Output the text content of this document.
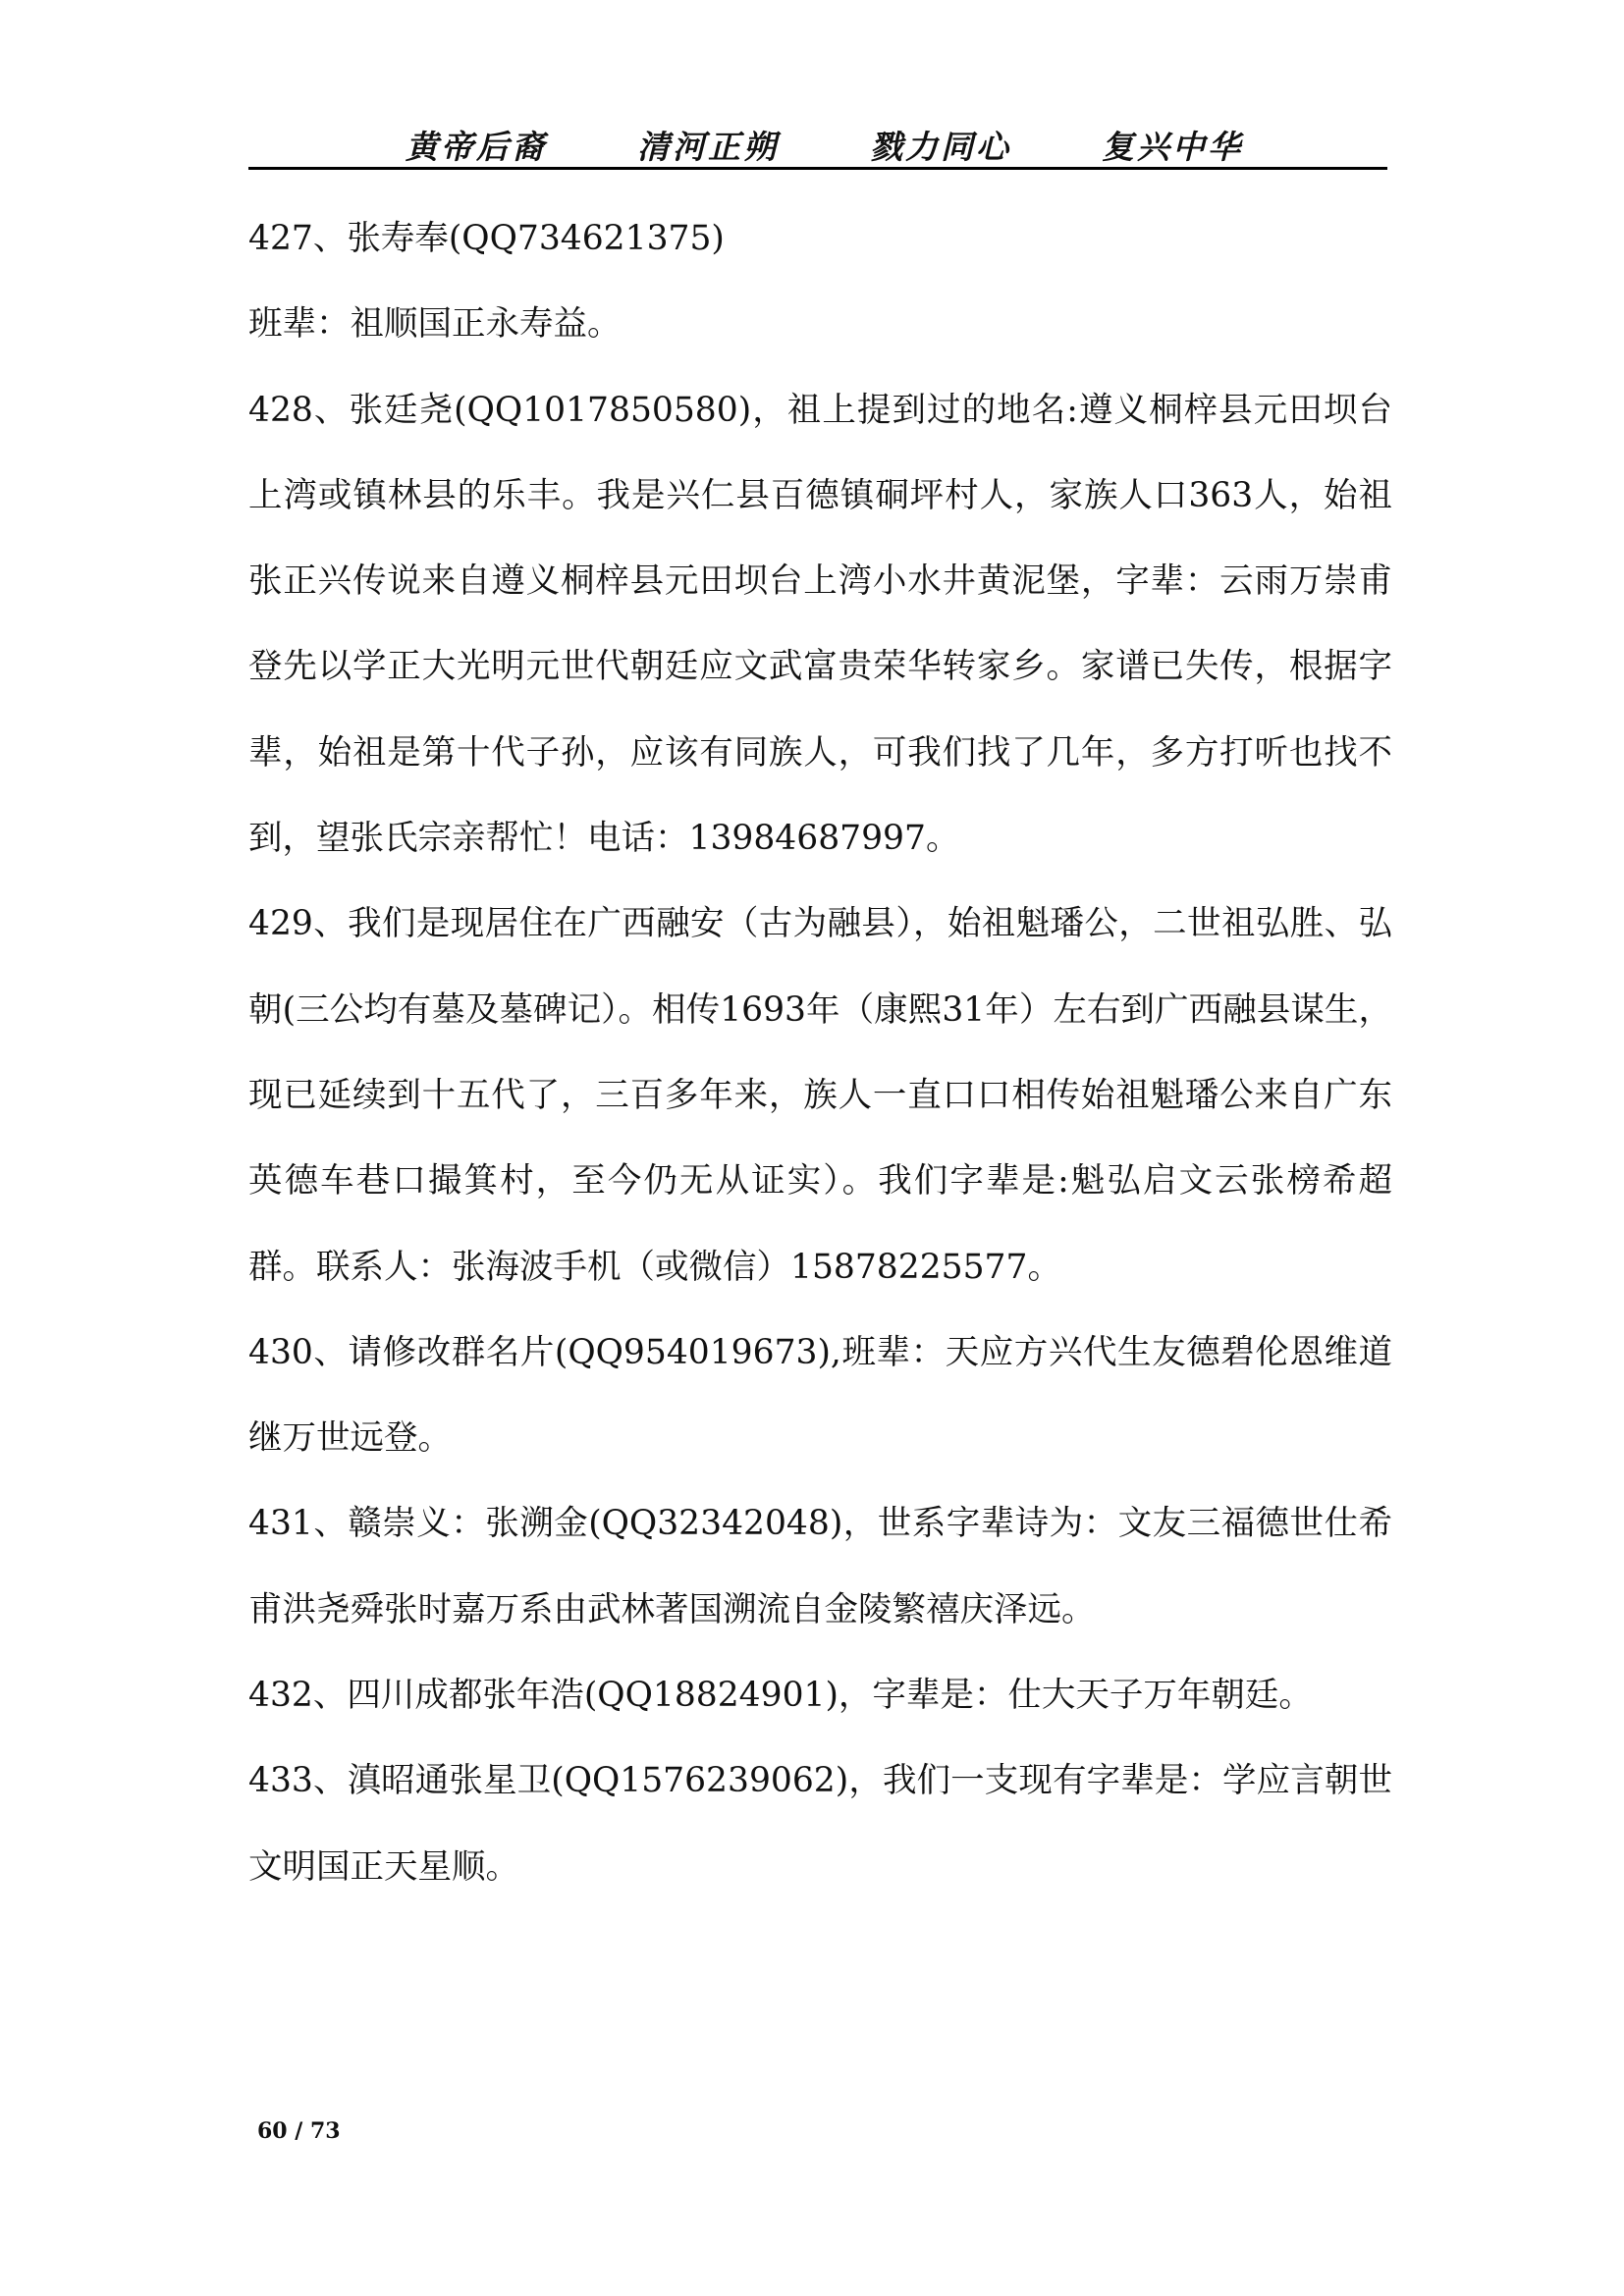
黄帝后裔	清河正朔	戮力同心	复兴中华

427、张寿奉(QQ734621375)

班辈：祖顺国正永寿益。

428、张廷尧(QQ1017850580)，祖上提到过的地名:遵义桐梓县元田坝台上湾或镇林县的乐丰。我是兴仁县百德镇硐坪村人，家族人口363人，始祖张正兴传说来自遵义桐梓县元田坝台上湾小水井黄泥堡，字辈：云雨万崇甫登先以学正大光明元世代朝廷应文武富贵荣华转家乡。家谱已失传，根据字辈，始祖是第十代子孙，应该有同族人，可我们找了几年，多方打听也找不到，望张氏宗亲帮忙！电话：13984687997。

429、我们是现居住在广西融安（古为融县），始祖魁璠公，二世祖弘胜、弘朝(三公均有墓及墓碑记）。相传1693年（康熙31年）左右到广西融县谋生，现已延续到十五代了，三百多年来，族人一直口口相传始祖魁璠公来自广东英德车巷口撮箕村，至今仍无从证实）。我们字辈是:魁弘启文云张榜希超群。联系人：张海波手机（或微信）15878225577。

430、请修改群名片(QQ954019673),班辈：天应方兴代生友德碧伦恩维道继万世远登。

431、赣崇义：张溯金(QQ32342048)，世系字辈诗为：文友三福德世仕希甫洪尧舜张时嘉万系由武林著国溯流自金陵繁禧庆泽远。

432、四川成都张年浩(QQ18824901)，字辈是：仕大天子万年朝廷。

433、滇昭通张星卫(QQ1576239062)，我们一支现有字辈是：学应言朝世文明国正天星顺。

60 / 73
